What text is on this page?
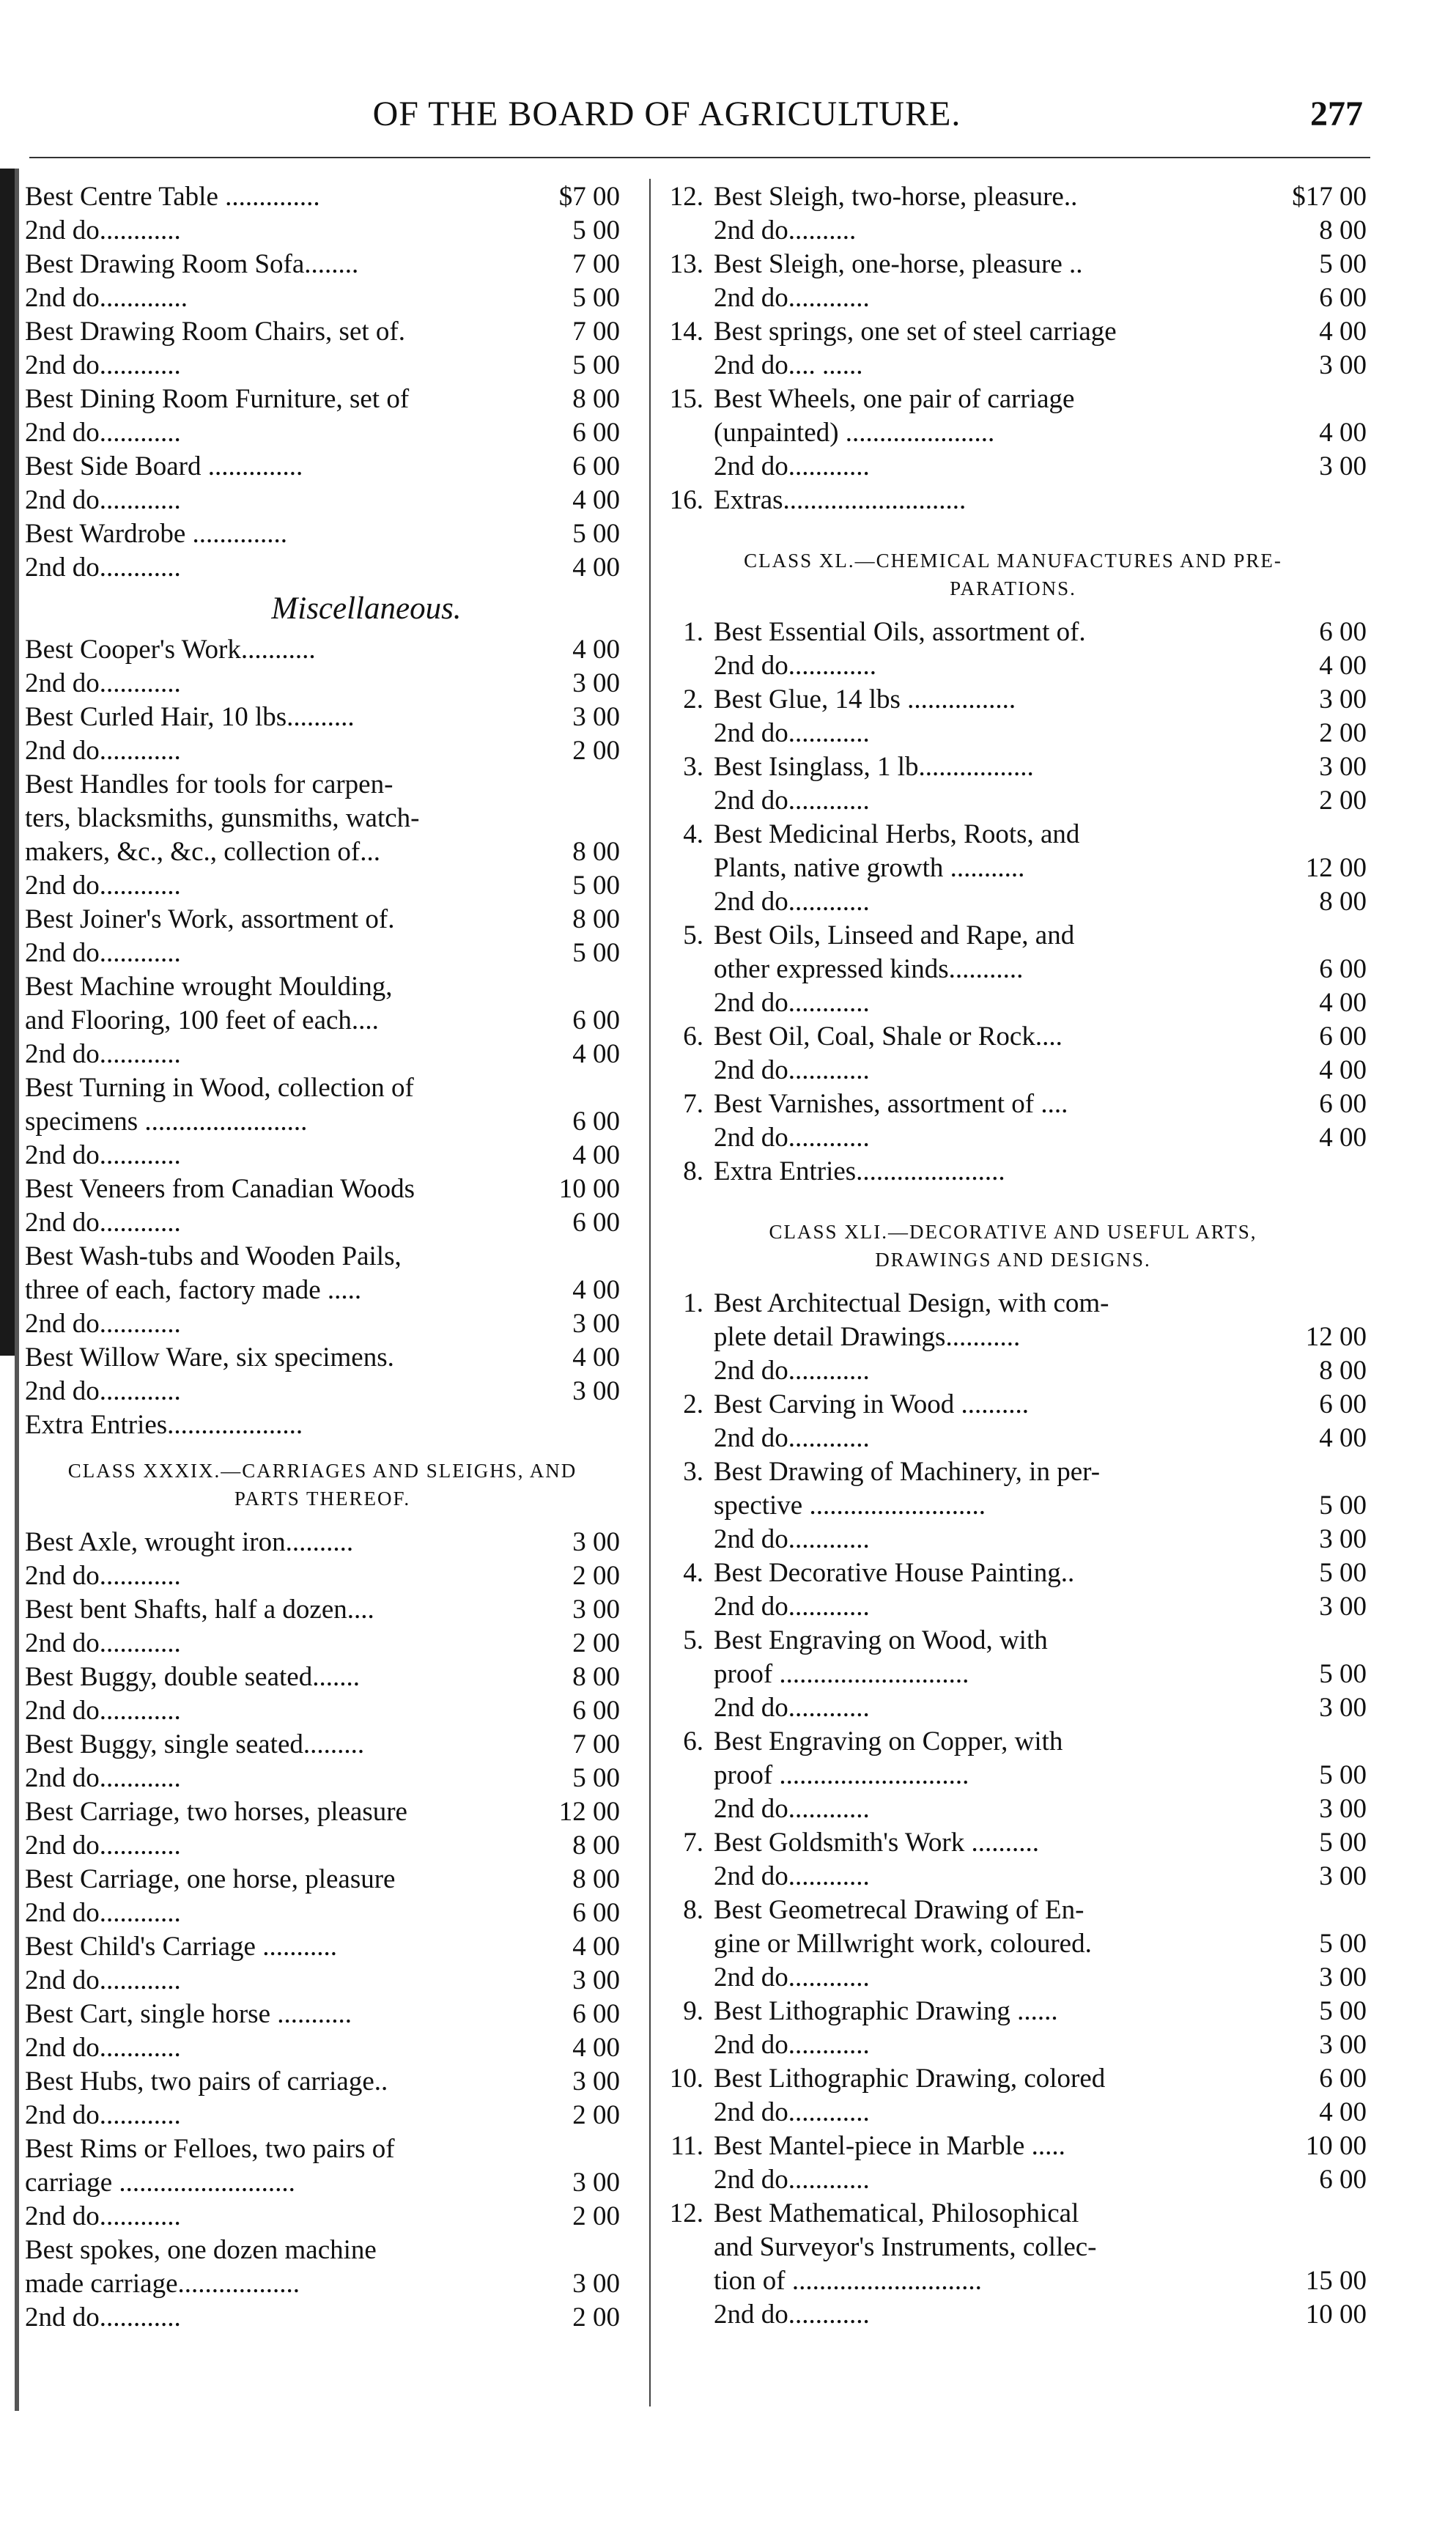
OF THE BOARD OF AGRICULTURE.	277
Best Centre Table ..............	$7 00
2nd do............	5 00
Best Drawing Room Sofa........	7 00
2nd do.............	5 00
Best Drawing Room Chairs, set of.	7 00
2nd do............	5 00
Best Dining Room Furniture, set of	8 00
2nd do............	6 00
Best Side Board ..............	6 00
2nd do............	4 00
Best Wardrobe ..............	5 00
2nd do............	4 00
Miscellaneous.
Best Cooper's Work...........	4 00
2nd do............	3 00
Best Curled Hair, 10 lbs..........	3 00
2nd do............	2 00
Best Handles for tools for carpen-
ters, blacksmiths, gunsmiths, watch-
makers, &c., &c., collection of...	8 00
2nd do............	5 00
Best Joiner's Work, assortment of.	8 00
2nd do............	5 00
Best Machine wrought Moulding,
and Flooring, 100 feet of each....	6 00
2nd do............	4 00
Best Turning in Wood, collection of
specimens ........................	6 00
2nd do............	4 00
Best Veneers from Canadian Woods	10 00
2nd do............	6 00
Best Wash-tubs and Wooden Pails,
three of each, factory made .....	4 00
2nd do............	3 00
Best Willow Ware, six specimens.	4 00
2nd do............	3 00
Extra Entries....................
CLASS XXXIX.—CARRIAGES AND SLEIGHS, AND
PARTS THEREOF.
Best Axle, wrought iron..........	3 00
2nd do............	2 00
Best bent Shafts, half a dozen....	3 00
2nd do............	2 00
Best Buggy, double seated.......	8 00
2nd do............	6 00
Best Buggy, single seated.........	7 00
2nd do............	5 00
Best Carriage, two horses, pleasure	12 00
2nd do............	8 00
Best Carriage, one horse, pleasure	8 00
2nd do............	6 00
Best Child's Carriage ...........	4 00
2nd do............	3 00
Best Cart, single horse ...........	6 00
2nd do............	4 00
Best Hubs, two pairs of carriage..	3 00
2nd do............	2 00
Best Rims or Felloes, two pairs of
carriage ..........................	3 00
2nd do............	2 00
Best spokes, one dozen machine
made carriage..................	3 00
2nd do............	2 00
12. Best Sleigh, two-horse, pleasure..	$17 00
2nd do..........	8 00
13. Best Sleigh, one-horse, pleasure ..	5 00
2nd do............	6 00
14. Best springs, one set of steel carriage	4 00
2nd do.... ......	3 00
15. Best Wheels, one pair of carriage
(unpainted) ......................	4 00
2nd do............	3 00
16. Extras...........................
CLASS XL.—CHEMICAL MANUFACTURES AND PRE-
PARATIONS.
1. Best Essential Oils, assortment of.	6 00
2nd do.............	4 00
2. Best Glue, 14 lbs ................	3 00
2nd do............	2 00
3. Best Isinglass, 1 lb.................	3 00
2nd do............	2 00
4. Best Medicinal Herbs, Roots, and
Plants, native growth ...........	12 00
2nd do............	8 00
5. Best Oils, Linseed and Rape, and
other expressed kinds...........	6 00
2nd do............	4 00
6. Best Oil, Coal, Shale or Rock....	6 00
2nd do............	4 00
7. Best Varnishes, assortment of ....	6 00
2nd do............	4 00
8. Extra Entries......................
CLASS XLI.—DECORATIVE AND USEFUL ARTS,
DRAWINGS AND DESIGNS.
1. Best Architectual Design, with com-
plete detail Drawings...........	12 00
2nd do............	8 00
2. Best Carving in Wood ..........	6 00
2nd do............	4 00
3. Best Drawing of Machinery, in per-
spective ..........................	5 00
2nd do............	3 00
4. Best Decorative House Painting..	5 00
2nd do............	3 00
5. Best Engraving on Wood, with
proof ............................	5 00
2nd do............	3 00
6. Best Engraving on Copper, with
proof ............................	5 00
2nd do............	3 00
7. Best Goldsmith's Work ..........	5 00
2nd do............	3 00
8. Best Geometrecal Drawing of En-
gine or Millwright work, coloured.	5 00
2nd do............	3 00
9. Best Lithographic Drawing ......	5 00
2nd do............	3 00
10. Best Lithographic Drawing, colored	6 00
2nd do............	4 00
11. Best Mantel-piece in Marble .....	10 00
2nd do............	6 00
12. Best Mathematical, Philosophical
and Surveyor's Instruments, collec-
tion of ............................	15 00
2nd do............	10 00
